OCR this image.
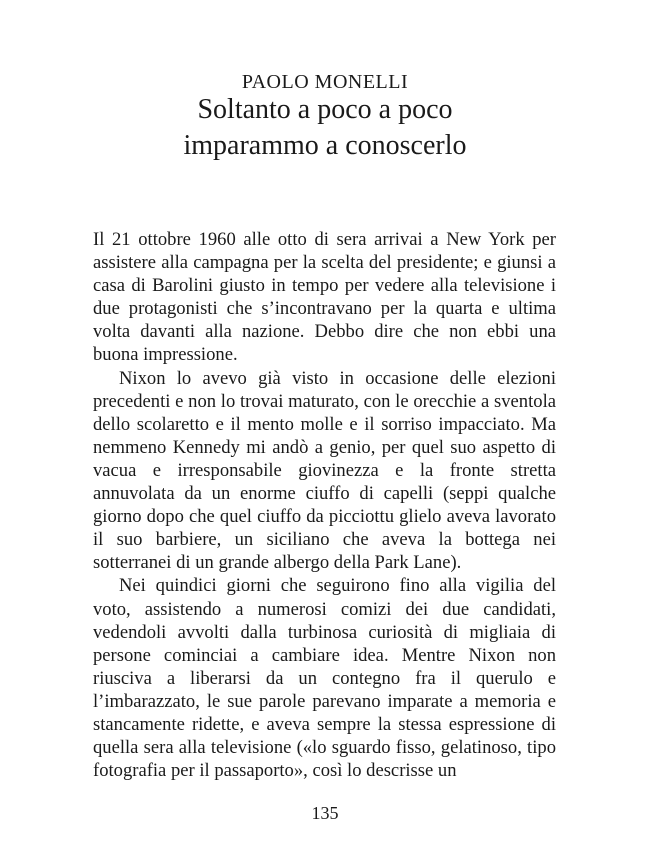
PAOLO MONELLI
Soltanto a poco a poco
imparammo a conoscerlo

Il 21 ottobre 1960 alle otto di sera arrivai a New York per assistere alla campagna per la scelta del presidente; e giunsi a casa di Barolini giusto in tempo per vedere alla televisione i due protagonisti che s’incontravano per la quarta e ultima volta davanti alla nazione. Debbo dire che non ebbi una buona impressione.

Nixon lo avevo già visto in occasione delle elezioni precedenti e non lo trovai maturato, con le orecchie a sventola dello scolaretto e il mento molle e il sorriso impacciato. Ma nemmeno Kennedy mi andò a genio, per quel suo aspetto di vacua e irresponsabile giovinezza e la fronte stretta annuvolata da un enorme ciuffo di capelli (seppi qualche giorno dopo che quel ciuffo da picciottu glielo aveva lavorato il suo barbiere, un siciliano che aveva la bottega nei sotterranei di un grande albergo della Park Lane).

Nei quindici giorni che seguirono fino alla vigilia del voto, assistendo a numerosi comizi dei due candidati, vedendoli avvolti dalla turbinosa curiosità di migliaia di persone cominciai a cambiare idea. Mentre Nixon non riusciva a liberarsi da un contegno fra il querulo e l’imbarazzato, le sue parole parevano imparate a memoria e stancamente ridette, e aveva sempre la stessa espressione di quella sera alla televisione («lo sguardo fisso, gelatinoso, tipo fotografia per il passaporto», così lo descrisse un

135
